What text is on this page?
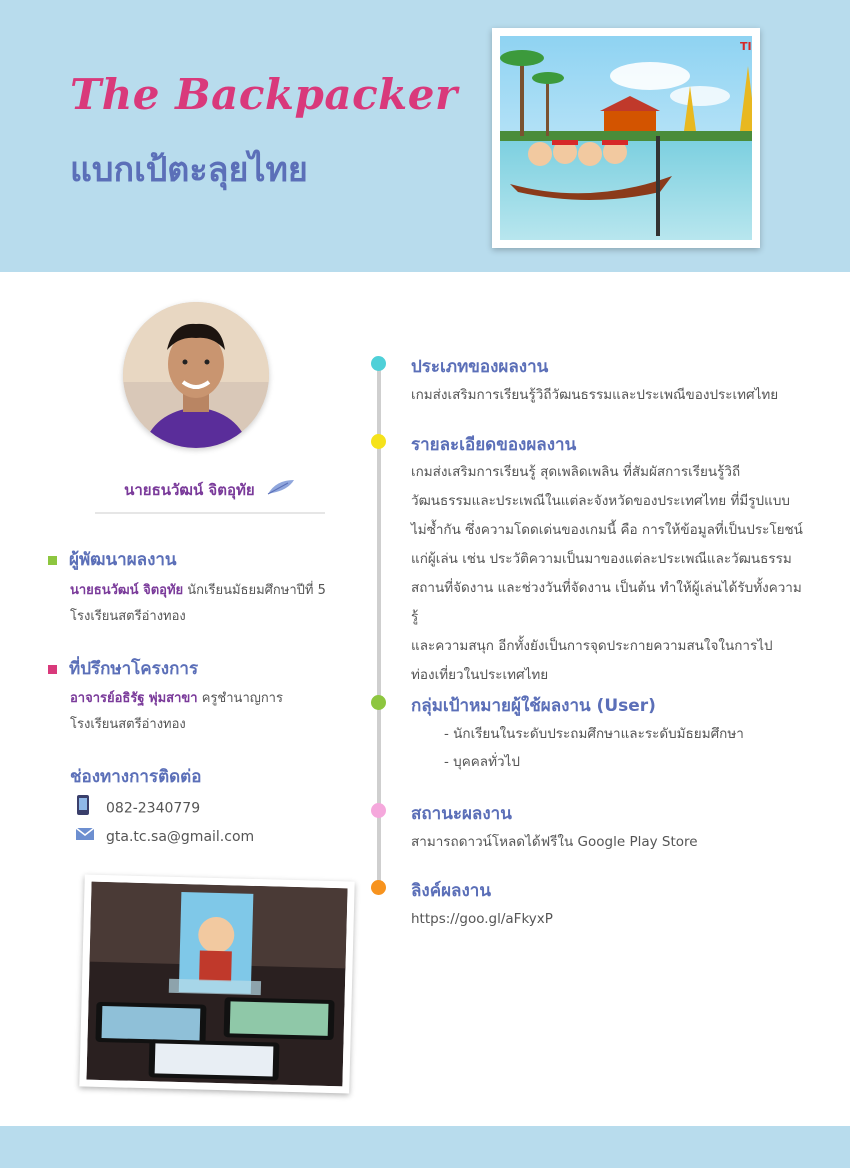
The Backpacker
แบกเป้ตะลุยไทย
TI
นายธนวัฒน์ จิตอุทัย
ผู้พัฒนาผลงาน
นายธนวัฒน์ จิตอุทัย นักเรียนมัธยมศึกษาปีที่ 5
โรงเรียนสตรีอ่างทอง
ที่ปรึกษาโครงการ
อาจารย์อธิรัฐ พุ่มสาขา ครูชำนาญการ
โรงเรียนสตรีอ่างทอง
ช่องทางการติดต่อ
082-2340779
gta.tc.sa@gmail.com
ประเภทของผลงาน
เกมส่งเสริมการเรียนรู้วิถีวัฒนธรรมและประเพณีของประเทศไทย
รายละเอียดของผลงาน

เกมส่งเสริมการเรียนรู้ สุดเพลิดเพลิน ที่สัมผัสการเรียนรู้วิถี

วัฒนธรรมและประเพณีในแต่ละจังหวัดของประเทศไทย ที่มีรูปแบบ

ไม่ซ้ำกัน ซึ่งความโดดเด่นของเกมนี้ คือ การให้ข้อมูลที่เป็นประโยชน์

แก่ผู้เล่น เช่น ประวัติความเป็นมาของแต่ละประเพณีและวัฒนธรรม

สถานที่จัดงาน และช่วงวันที่จัดงาน เป็นต้น ทำให้ผู้เล่นได้รับทั้งความรู้

และความสนุก อีกทั้งยังเป็นการจุดประกายความสนใจในการไป

ท่องเที่ยวในประเทศไทย

กลุ่มเป้าหมายผู้ใช้ผลงาน (User)
- นักเรียนในระดับประถมศึกษาและระดับมัธยมศึกษา
- บุคคลทั่วไป
สถานะผลงาน
สามารถดาวน์โหลดได้ฟรีใน Google Play Store
ลิงค์ผลงาน
https://goo.gl/aFkyxP
